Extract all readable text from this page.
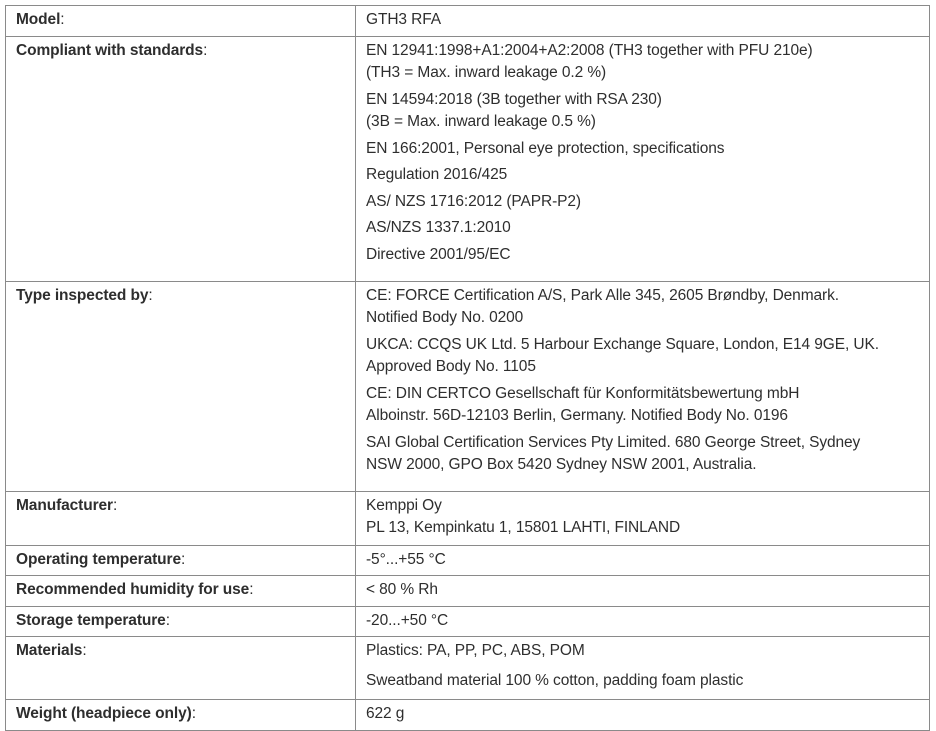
Model:	GTH3 RFA

Compliant with standards:	EN 12941:1998+A1:2004+A2:2008 (TH3 together with PFU 210e)
(TH3 = Max. inward leakage 0.2 %)
EN 14594:2018 (3B together with RSA 230)
(3B = Max. inward leakage 0.5 %)
EN 166:2001, Personal eye protection, specifications
Regulation 2016/425
AS/ NZS 1716:2012 (PAPR-P2)
AS/NZS 1337.1:2010
Directive 2001/95/EC

Type inspected by:	CE: FORCE Certification A/S, Park Alle 345, 2605 Brøndby, Denmark.
Notified Body No. 0200
UKCA: CCQS UK Ltd. 5 Harbour Exchange Square, London, E14 9GE, UK.
Approved Body No. 1105
CE: DIN CERTCO Gesellschaft für Konformitätsbewertung mbH
Alboinstr. 56D-12103 Berlin, Germany. Notified Body No. 0196
SAI Global Certification Services Pty Limited. 680 George Street, Sydney
NSW 2000, GPO Box 5420 Sydney NSW 2001, Australia.

Manufacturer:	Kemppi Oy
PL 13, Kempinkatu 1, 15801 LAHTI, FINLAND

Operating temperature:	-5°...+55 °C

Recommended humidity for use:	< 80 % Rh

Storage temperature:	-20...+50 °C

Materials:	Plastics: PA, PP, PC, ABS, POM
Sweatband material 100 % cotton, padding foam plastic

Weight (headpiece only):	622 g
